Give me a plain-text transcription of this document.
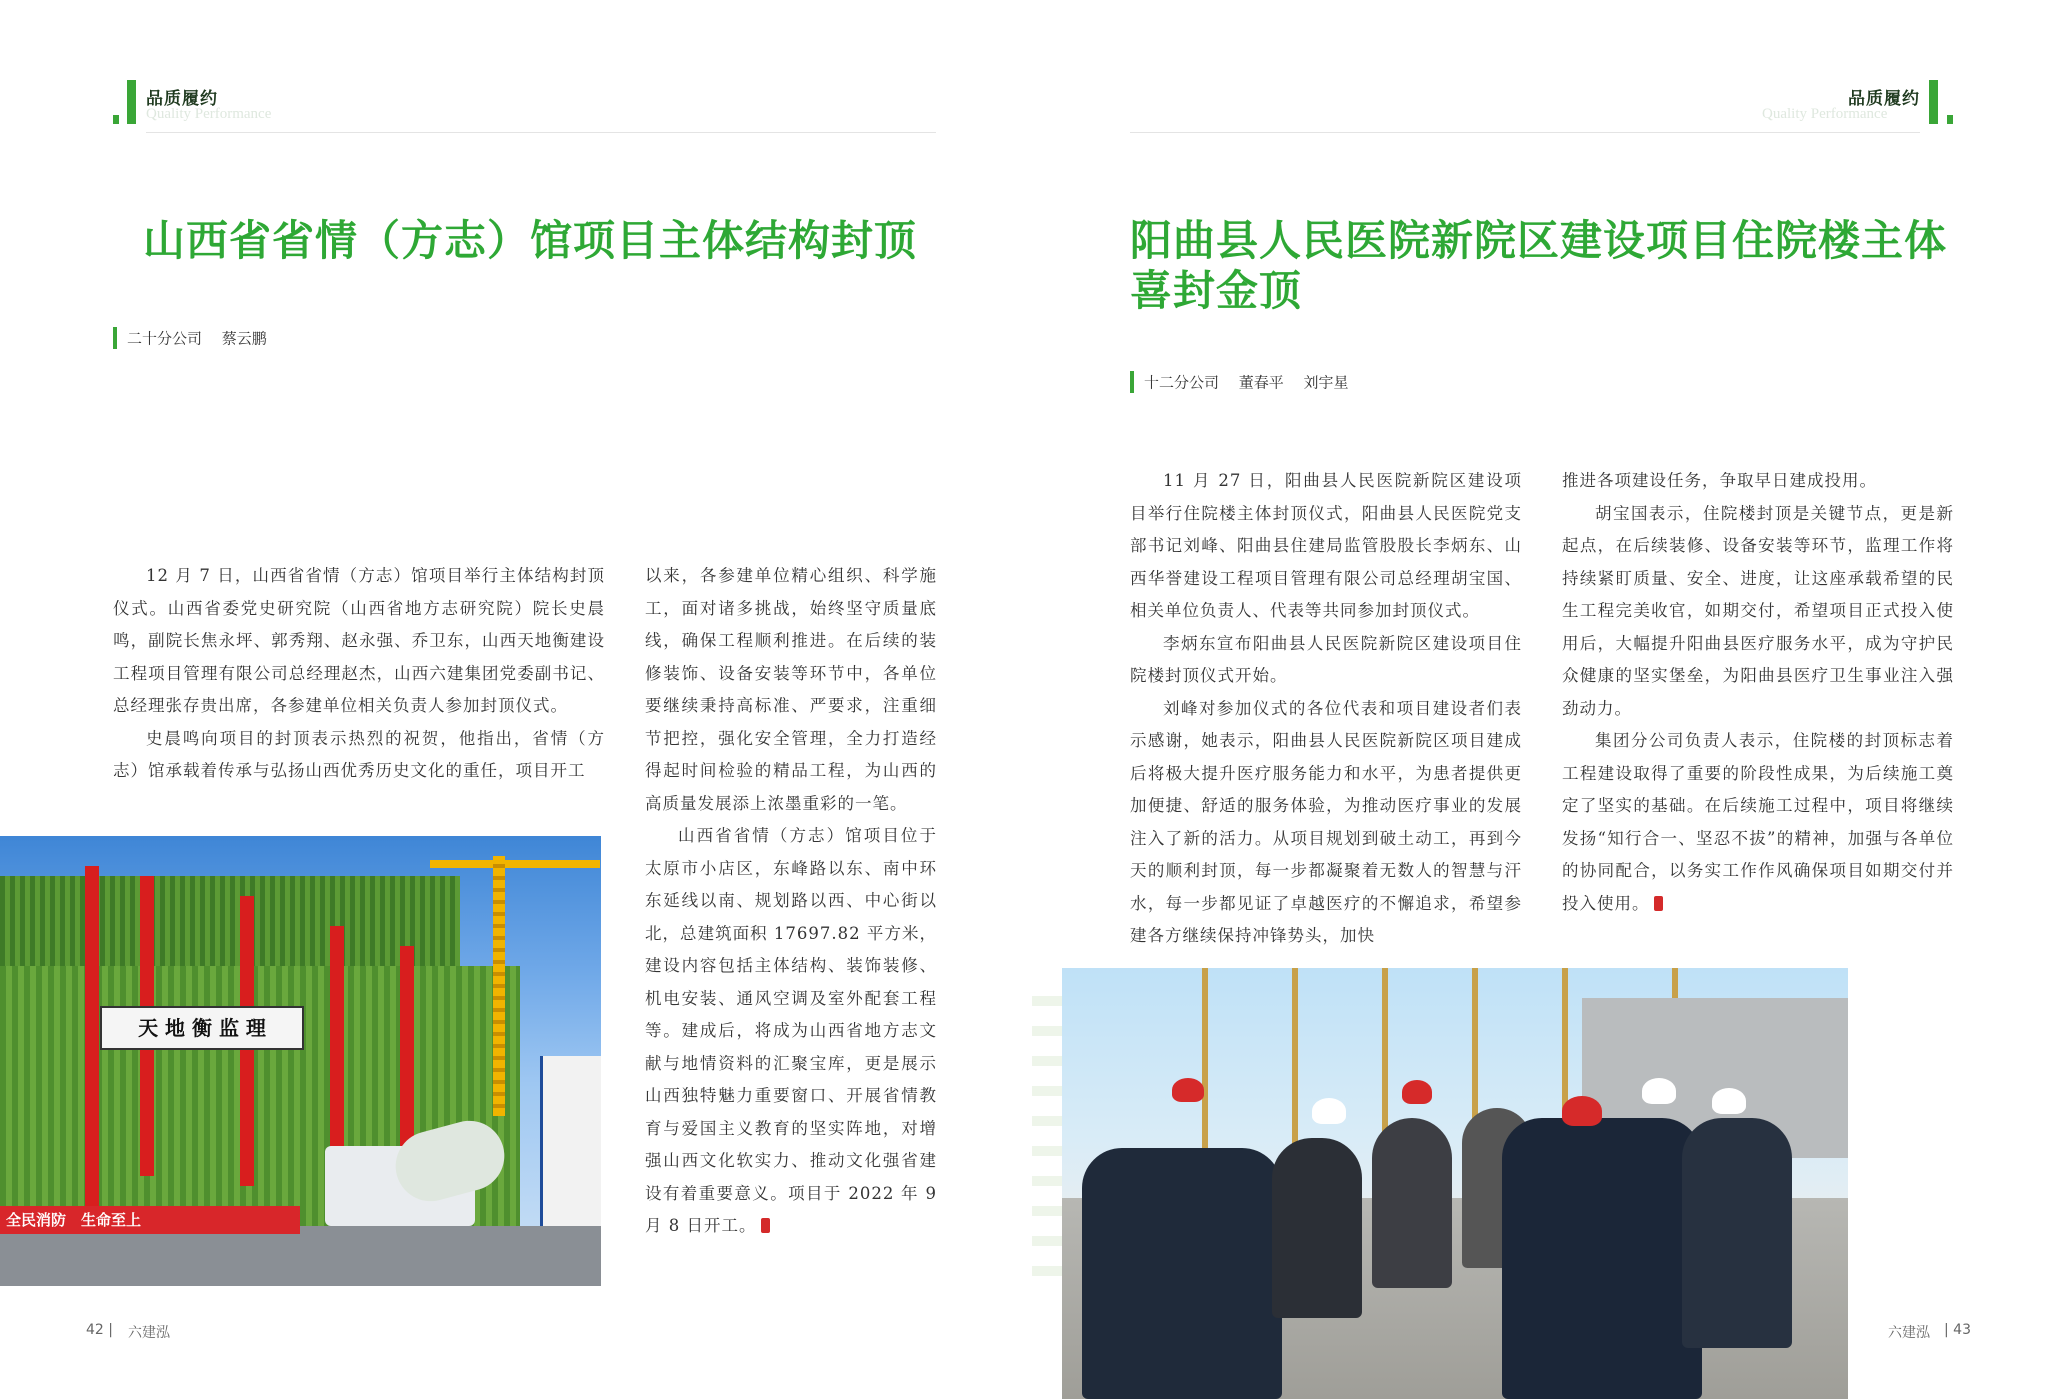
品质履约
Quality Performance
品质履约
Quality Performance
山西省省情（方志）馆项目主体结构封顶
二十分公司　 蔡云鹏

12 月 7 日，山西省省情（方志）馆项目举行主体结构封顶仪式。山西省委党史研究院（山西省地方志研究院）院长史晨鸣，副院长焦永坪、郭秀翔、赵永强、乔卫东，山西天地衡建设工程项目管理有限公司总经理赵杰，山西六建集团党委副书记、总经理张存贵出席，各参建单位相关负责人参加封顶仪式。

史晨鸣向项目的封顶表示热烈的祝贺，他指出，省情（方志）馆承载着传承与弘扬山西优秀历史文化的重任，项目开工

以来，各参建单位精心组织、科学施工，面对诸多挑战，始终坚守质量底线，确保工程顺利推进。在后续的装修装饰、设备安装等环节中，各单位要继续秉持高标准、严要求，注重细节把控，强化安全管理，全力打造经得起时间检验的精品工程，为山西的高质量发展添上浓墨重彩的一笔。

山西省省情（方志）馆项目位于太原市小店区，东峰路以东、南中环东延线以南、规划路以西、中心街以北，总建筑面积 17697.82 平方米，建设内容包括主体结构、装饰装修、机电安装、通风空调及室外配套工程等。建成后，将成为山西省地方志文献与地情资料的汇聚宝库，更是展示山西独特魅力重要窗口、开展省情教育与爱国主义教育的坚实阵地，对增强山西文化软实力、推动文化强省建设有着重要意义。项目于 2022 年 9 月 8 日开工。

天 地 衡 监 理
全民消防　生命至上
阳曲县人民医院新院区建设项目住院楼主体
喜封金顶
十二分公司　 董春平　 刘宇星

11 月 27 日，阳曲县人民医院新院区建设项目举行住院楼主体封顶仪式，阳曲县人民医院党支部书记刘峰、阳曲县住建局监管股股长李炳东、山西华誉建设工程项目管理有限公司总经理胡宝国、相关单位负责人、代表等共同参加封顶仪式。

李炳东宣布阳曲县人民医院新院区建设项目住院楼封顶仪式开始。

刘峰对参加仪式的各位代表和项目建设者们表示感谢，她表示，阳曲县人民医院新院区项目建成后将极大提升医疗服务能力和水平，为患者提供更加便捷、舒适的服务体验，为推动医疗事业的发展注入了新的活力。从项目规划到破土动工，再到今天的顺利封顶，每一步都凝聚着无数人的智慧与汗水，每一步都见证了卓越医疗的不懈追求，希望参建各方继续保持冲锋势头，加快

推进各项建设任务，争取早日建成投用。

胡宝国表示，住院楼封顶是关键节点，更是新起点，在后续装修、设备安装等环节，监理工作将持续紧盯质量、安全、进度，让这座承载希望的民生工程完美收官，如期交付，希望项目正式投入使用后，大幅提升阳曲县医疗服务水平，成为守护民众健康的坚实堡垒，为阳曲县医疗卫生事业注入强劲动力。

集团分公司负责人表示，住院楼的封顶标志着工程建设取得了重要的阶段性成果，为后续施工奠定了坚实的基础。在后续施工过程中，项目将继续发扬“知行合一、坚忍不拔”的精神，加强与各单位的协同配合，以务实工作作风确保项目如期交付并投入使用。

42 | 六建泓	六建泓 | 43
